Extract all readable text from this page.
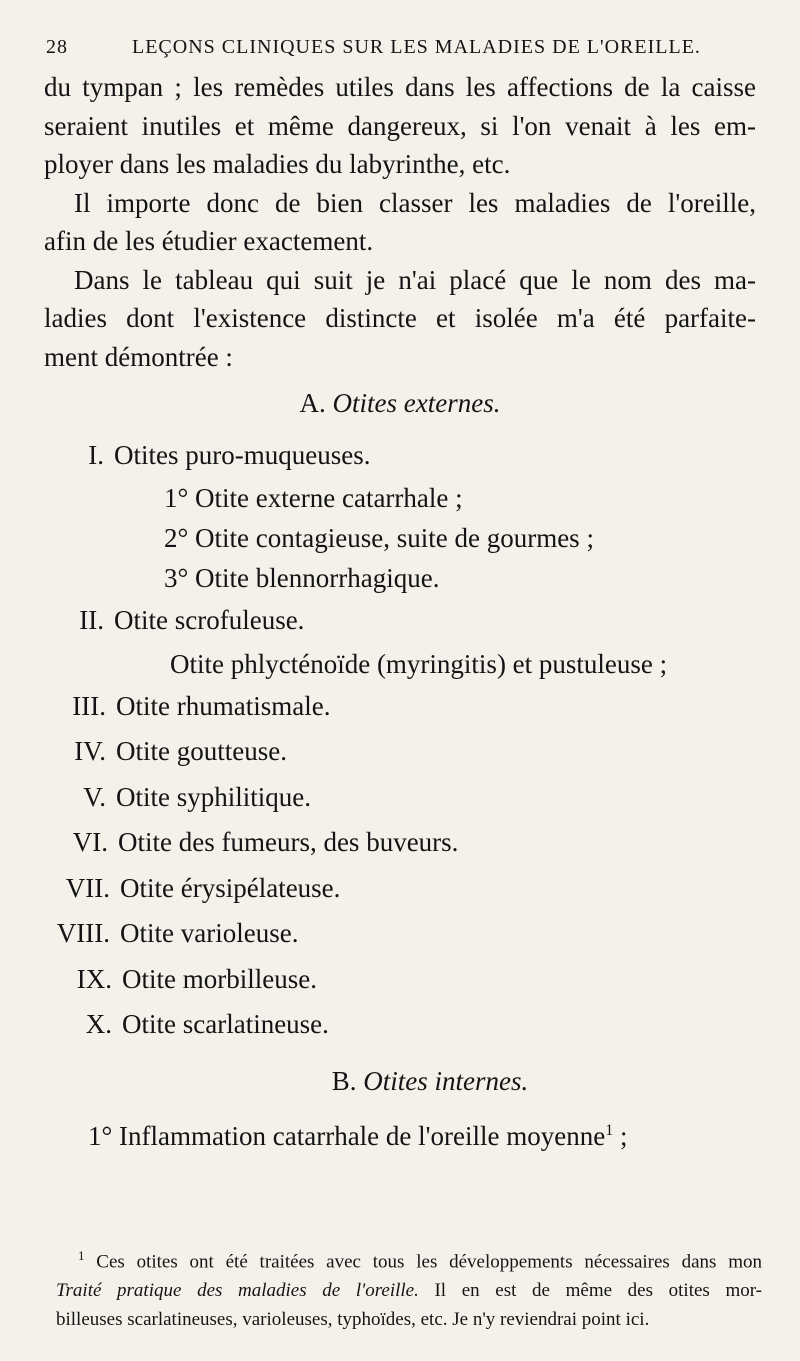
28	LEÇONS CLINIQUES SUR LES MALADIES DE L'OREILLE.
du tympan ; les remèdes utiles dans les affections de la caisse
seraient inutiles et même dangereux, si l'on venait à les em-
ployer dans les maladies du labyrinthe, etc.
Il importe donc de bien classer les maladies de l'oreille,
afin de les étudier exactement.
Dans le tableau qui suit je n'ai placé que le nom des ma-
ladies dont l'existence distincte et isolée m'a été parfaite-
ment démontrée :
A. Otites externes.
I. Otites puro-muqueuses.
1° Otite externe catarrhale ;
2° Otite contagieuse, suite de gourmes ;
3° Otite blennorrhagique.
II. Otite scrofuleuse.
Otite phlycténoïde (myringitis) et pustuleuse ;
III. Otite rhumatismale.
IV. Otite goutteuse.
V. Otite syphilitique.
VI. Otite des fumeurs, des buveurs.
VII. Otite érysipélateuse.
VIII. Otite varioleuse.
IX. Otite morbilleuse.
X. Otite scarlatineuse.
B. Otites internes.
1° Inflammation catarrhale de l'oreille moyenne$^1$ ;
$^1$ Ces otites ont été traitées avec tous les développements nécessaires dans mon
Traité pratique des maladies de l'oreille. Il en est de même des otites mor-
billeuses scarlatineuses, varioleuses, typhoïdes, etc. Je n'y reviendrai point ici.
